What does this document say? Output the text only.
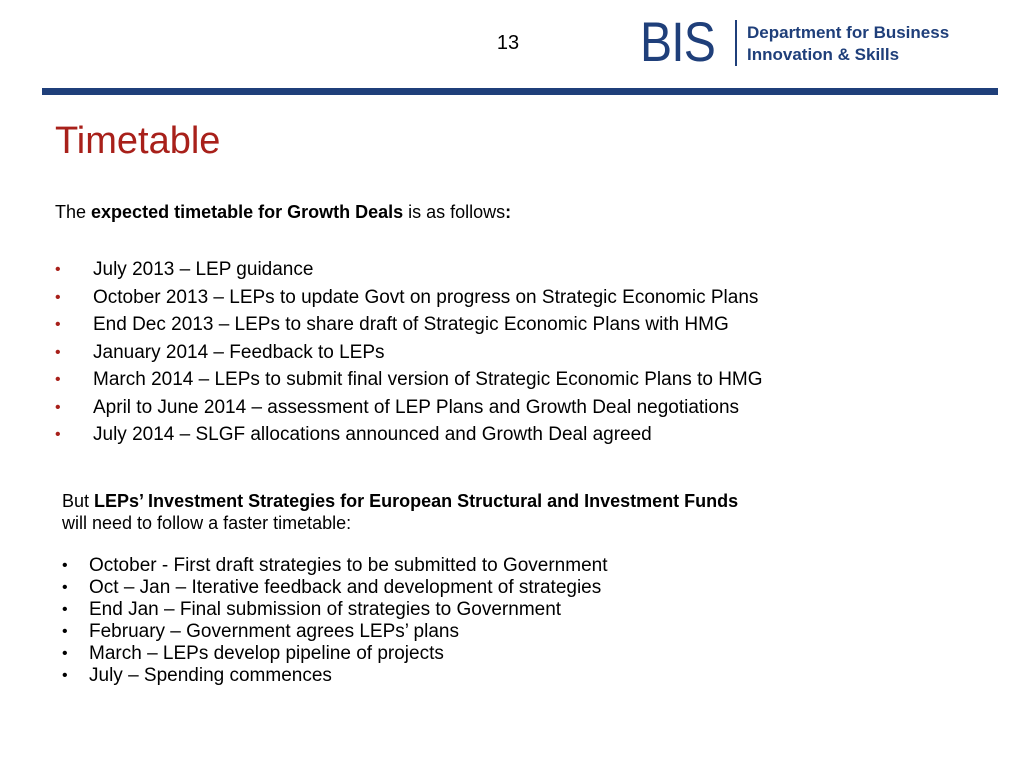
13	BIS Department for Business
Innovation & Skills
Timetable
The expected timetable for Growth Deals is as follows:
• July 2013 – LEP guidance
• October 2013 – LEPs to update Govt on progress on Strategic Economic Plans
• End Dec 2013 – LEPs to share draft of Strategic Economic Plans with HMG
• January 2014 – Feedback to LEPs
• March 2014 – LEPs to submit final version of Strategic Economic Plans to HMG
• April to June 2014 – assessment of LEP Plans and Growth Deal negotiations
• July 2014 – SLGF allocations announced and Growth Deal agreed
But LEPs’ Investment Strategies for European Structural and Investment Funds
will need to follow a faster timetable:
• October - First draft strategies to be submitted to Government
• Oct – Jan – Iterative feedback and development of strategies
• End Jan – Final submission of strategies to Government
• February – Government agrees LEPs’ plans
• March – LEPs develop pipeline of projects
• July – Spending commences
